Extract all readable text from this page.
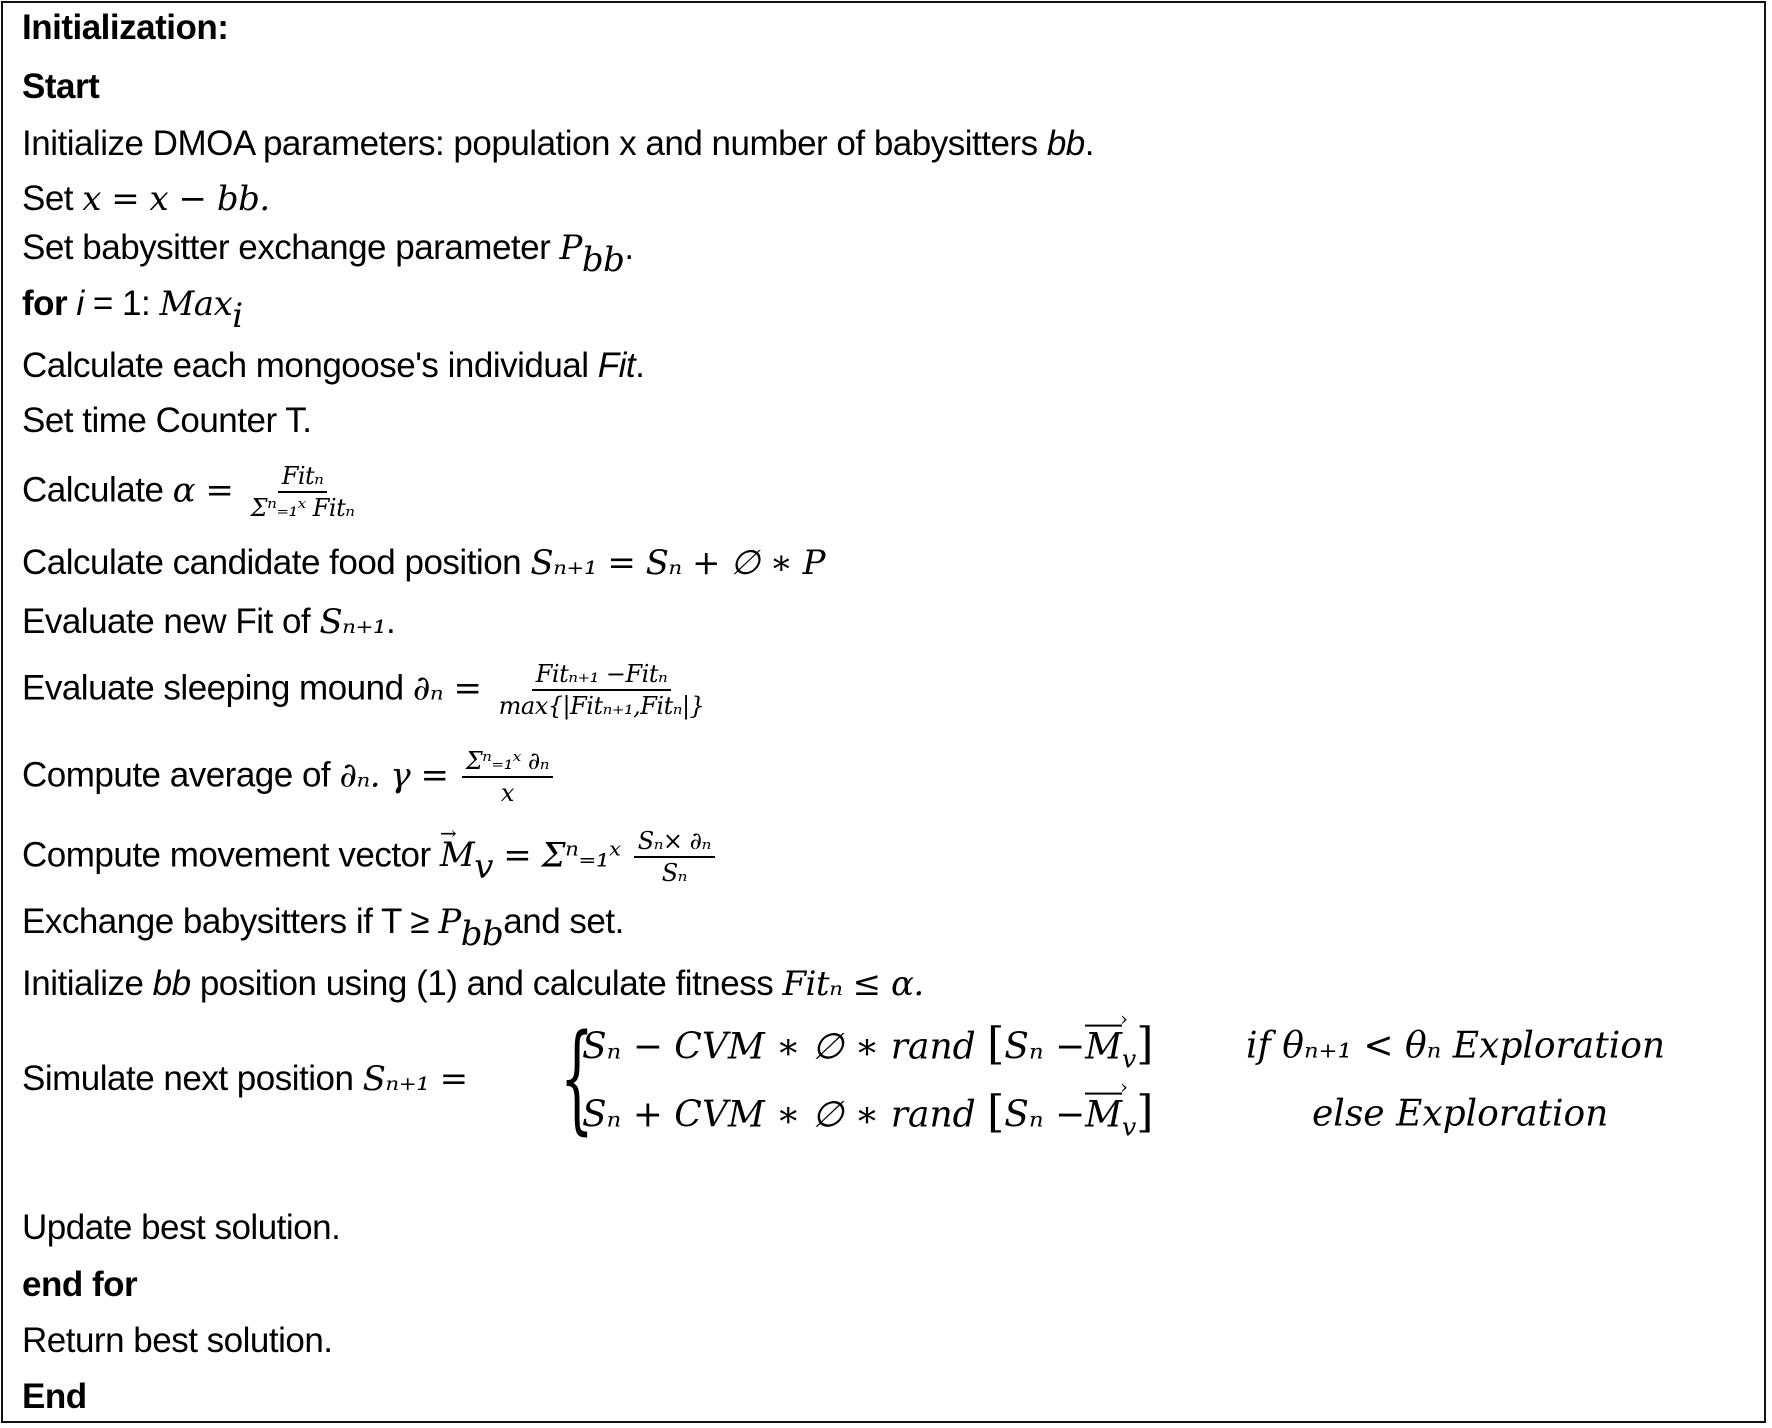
Initialization:
Start
Initialize DMOA parameters: population x and number of babysitters bb.
Set x = x − bb.
Set babysitter exchange parameter $P_{bb}$.
for i = 1: Max$_i$
Calculate each mongoose's individual Fit.
Set time Counter T.
Calculate $\alpha = \frac{\text{Fitₙ}}{\text{Σⁿ₌₁ˣ Fitₙ}}$
Calculate candidate food position Sₙ₊₁ = Sₙ + ∅ ∗ P
Evaluate new Fit of Sₙ₊₁.
Evaluate sleeping mound $\partial_n = \frac{\text{Fitₙ₊₁ −Fitₙ}}{\text{max\{|Fitₙ₊₁,Fitₙ|\}}}$
Compute average of ∂ₙ. $\gamma = \frac{\text{Σⁿ₌₁ˣ ∂ₙ}}{x}$
Compute movement vector → $M_v$ = Σⁿ₌₁ˣ $\frac{\text{Sₙ× ∂ₙ}}{\text{Sₙ}}$
Exchange babysitters if $T \ge P_{bb}and$ set.
Initialize bb position using (1) and calculate fitness Fitₙ ≤ α.
Simulate next position Sₙ₊₁ = {
Sₙ − CVM ∗ ∅ ∗ rand [Sₙ −M $›_v$]
Sₙ + CVM ∗ ∅ ∗ rand [Sₙ −M $›_v$]
if θₙ₊₁ < θₙ Exploration
else Exploration
Update best solution.
end for
Return best solution.
End
